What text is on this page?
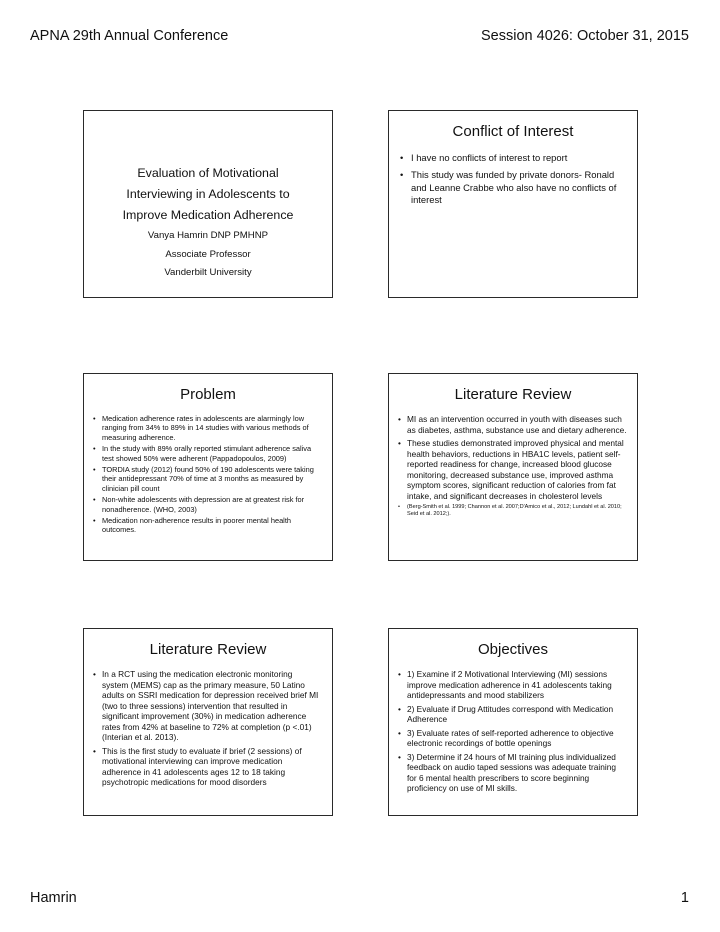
APNA 29th Annual Conference	Session 4026: October 31, 2015
Evaluation of Motivational
Interviewing in Adolescents to
Improve Medication Adherence
Vanya Hamrin DNP PMHNP
Associate Professor
Vanderbilt University
Conflict of Interest
• I have no conflicts of interest to report
• This study was funded by private donors- Ronald and Leanne Crabbe who also have no conflicts of interest
Problem
• Medication adherence rates in adolescents are alarmingly low ranging from 34% to 89% in 14 studies with various methods of measuring adherence.
• In the study with 89% orally reported stimulant adherence saliva test showed 50% were adherent (Pappadopoulos, 2009)
• TORDIA study (2012) found 50% of 190 adolescents were taking their antidepressant 70% of time at 3 months as measured by clinician pill count
• Non-white adolescents with depression are at greatest risk for nonadherence. (WHO, 2003)
• Medication non-adherence results in poorer mental health outcomes.
Literature Review
• MI as an intervention occurred in youth with diseases such as diabetes, asthma, substance use and dietary adherence.
• These studies demonstrated improved physical and mental health behaviors, reductions in HBA1C levels, patient self-reported readiness for change, increased blood glucose monitoring, decreased substance use, improved asthma symptom scores, significant reduction of calories from fat intake, and significant decreases in cholesterol levels
• (Berg-Smith et al. 1999; Channon et al. 2007;D'Amico et al., 2012; Lundahl et al. 2010; Seid et al. 2012;).
Literature Review
• In a RCT using the medication electronic monitoring system (MEMS) cap as the primary measure, 50 Latino adults on SSRI medication for depression received brief MI (two to three sessions) intervention that resulted in significant improvement (30%) in medication adherence rates from 42% at baseline to 72% at completion (p <.01) (Interian et al. 2013).
• This is the first study to evaluate if brief (2 sessions) of motivational interviewing can improve medication adherence in 41 adolescents ages 12 to 18 taking psychotropic medications for mood disorders
Objectives
• 1) Examine if 2 Motivational Interviewing (MI) sessions improve medication adherence in 41 adolescents taking antidepressants and mood stabilizers
• 2) Evaluate if Drug Attitudes correspond with Medication Adherence
• 3) Evaluate rates of self-reported adherence to objective electronic recordings of bottle openings
• 3) Determine if 24 hours of MI training plus individualized feedback on audio taped sessions was adequate training for 6 mental health prescribers to score beginning proficiency on use of MI skills.
Hamrin	1
